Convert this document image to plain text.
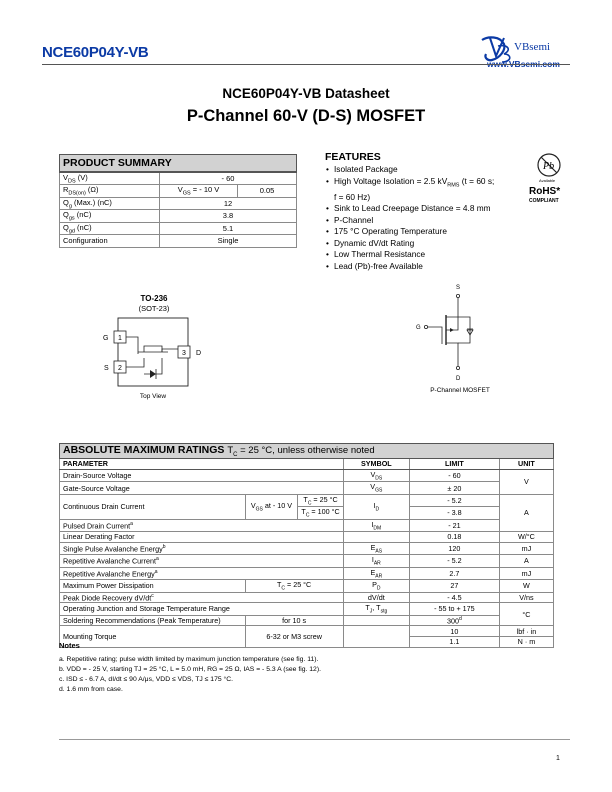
NCE60P04Y-VB	VBsemi
www.VBsemi.com
NCE60P04Y-VB Datasheet
P-Channel 60-V (D-S) MOSFET
PRODUCT SUMMARY		
$V_{DS}$ (V)	- 60	
$R_{DS(on)}$ (Ω)	$V_{GS}$ = - 10 V	0.05
$Q_g$ (Max.) (nC)	12	
$Q_{gs}$ (nC)	3.8	
$Q_{gd}$ (nC)	5.1	
Configuration	Single	
FEATURES
• Isolated Package
• High Voltage Isolation = 2.5 $kV_{RMS}$ (t = 60 s;
f = 60 Hz)
• Sink to Lead Creepage Distance = 4.8 mm
• P-Channel
• 175 °C Operating Temperature
• Dynamic dV/dt Rating
• Low Thermal Resistance
• Lead (Pb)-free Available
Pb
Available
RoHS*
COMPLIANT
TO-236
(SOT-23)
1
2
3
G
S
D
Top View
S
G
D
P-Channel MOSFET
ABSOLUTE MAXIMUM RATINGS $T_C = 25$ °C, unless otherwise noted					
PARAMETER			SYMBOL	LIMIT	UNIT
Drain-Source Voltage			$V_{DS}$	- 60	V
Gate-Source Voltage			$V_{GS}$	± 20	
Continuous Drain Current	$V_{GS}$ at - 10 V	$T_C = 25$ °C	$I_D$	- 5.2	A
		$T_C = 100$ °C		- 3.8	
Pulsed Drain Current$^a$			$I_{DM}$	- 21	
Linear Derating Factor				0.18	W/°C
Single Pulse Avalanche Energy$^b$			$E_{AS}$	120	mJ
Repetitive Avalanche Current$^a$			$I_{AR}$	- 5.2	A
Repetitive Avalanche Energy$^a$			$E_{AR}$	2.7	mJ
Maximum Power Dissipation	$T_C = 25$ °C		$P_D$	27	W
Peak Diode Recovery $dV/dt^c$			dV/dt	- 4.5	V/ns
Operating Junction and Storage Temperature Range			$T_J$, $T_{stg}$	- 55 to + 175	°C
Soldering Recommendations (Peak Temperature)	for 10 s			300$^d$
Mounting Torque	6-32 or M3 screw			10	lbf · in
				1.1	N · m
Notes
a. Repetitive rating; pulse width limited by maximum junction temperature (see fig. 11).
b. VDD = - 25 V, starting TJ = 25 °C, L = 5.0 mH, RG = 25 Ω, IAS = - 5.3 A (see fig. 12).
c. ISD ≤ - 6.7 A, dI/dt ≤ 90 A/μs, VDD ≤ VDS, TJ ≤ 175 °C.
d. 1.6 mm from case.
1
